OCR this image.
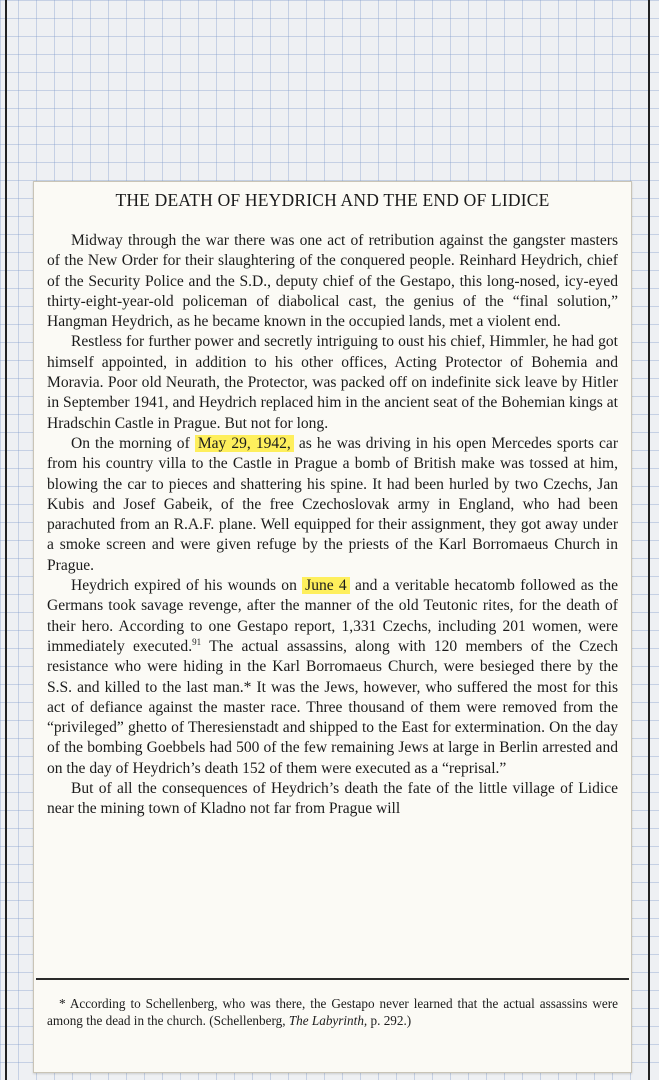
THE DEATH OF HEYDRICH AND THE END OF LIDICE

Midway through the war there was one act of retribution against the gangster masters of the New Order for their slaughtering of the conquered people. Reinhard Heydrich, chief of the Security Police and the S.D., deputy chief of the Gestapo, this long-nosed, icy-eyed thirty-eight-year-old policeman of diabolical cast, the genius of the “final solution,” Hangman Heydrich, as he became known in the occupied lands, met a violent end.

Restless for further power and secretly intriguing to oust his chief, Himmler, he had got himself appointed, in addition to his other offices, Acting Protector of Bohemia and Moravia. Poor old Neurath, the Protector, was packed off on indefinite sick leave by Hitler in September 1941, and Heydrich replaced him in the ancient seat of the Bohemian kings at Hradschin Castle in Prague. But not for long.

On the morning of May 29, 1942, as he was driving in his open Mercedes sports car from his country villa to the Castle in Prague a bomb of British make was tossed at him, blowing the car to pieces and shattering his spine. It had been hurled by two Czechs, Jan Kubis and Josef Gabeik, of the free Czechoslovak army in England, who had been parachuted from an R.A.F. plane. Well equipped for their assignment, they got away under a smoke screen and were given refuge by the priests of the Karl Borromaeus Church in Prague.

Heydrich expired of his wounds on June 4 and a veritable hecatomb followed as the Germans took savage revenge, after the manner of the old Teutonic rites, for the death of their hero. According to one Gestapo report, 1,331 Czechs, including 201 women, were immediately executed.$^{91}$ The actual assassins, along with 120 members of the Czech resistance who were hiding in the Karl Borromaeus Church, were besieged there by the S.S. and killed to the last man.* It was the Jews, however, who suffered the most for this act of defiance against the master race. Three thousand of them were removed from the “privileged” ghetto of Theresienstadt and shipped to the East for extermination. On the day of the bombing Goebbels had 500 of the few remaining Jews at large in Berlin arrested and on the day of Heydrich’s death 152 of them were executed as a “reprisal.”

But of all the consequences of Heydrich’s death the fate of the little village of Lidice near the mining town of Kladno not far from Prague will

* According to Schellenberg, who was there, the Gestapo never learned that the actual assassins were among the dead in the church. (Schellenberg, The Labyrinth, p. 292.)
